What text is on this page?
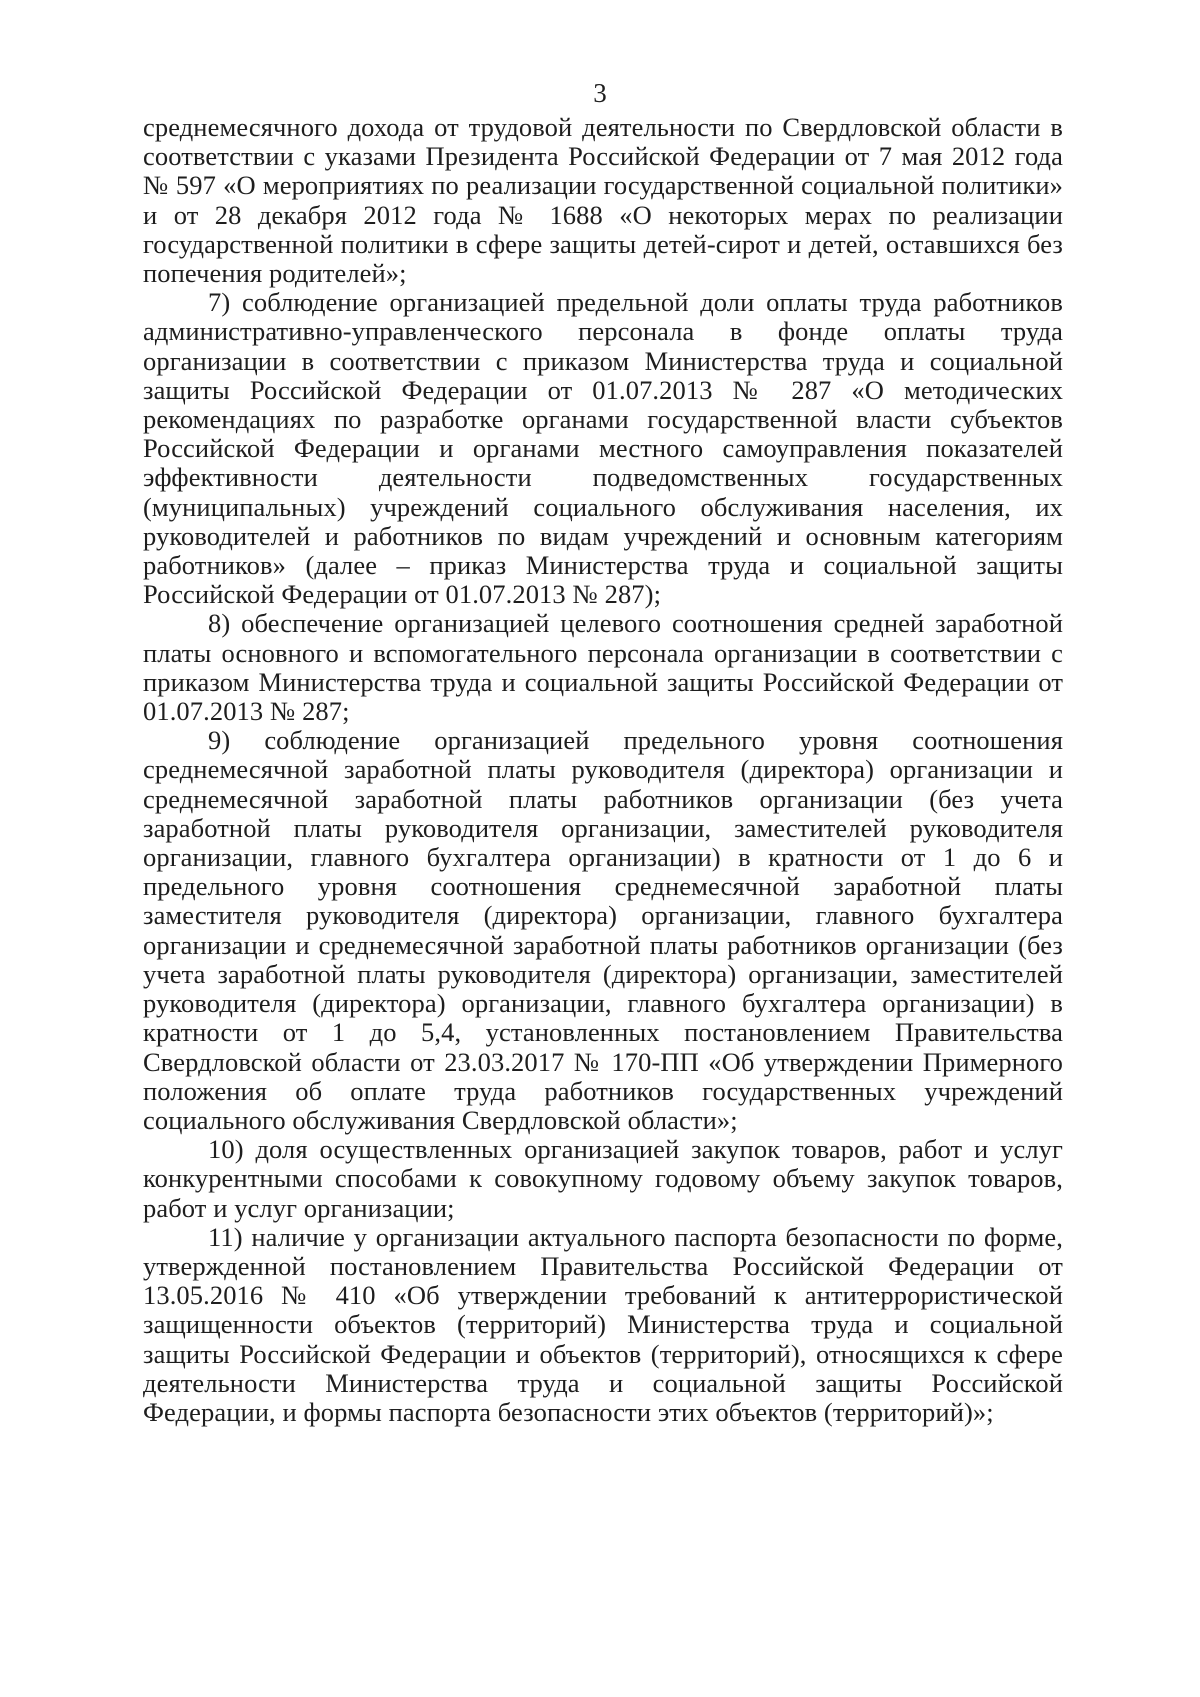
3

среднемесячного дохода от трудовой деятельности по Свердловской области в соответствии с указами Президента Российской Федерации от 7 мая 2012 года № 597 «О мероприятиях по реализации государственной социальной политики» и от 28 декабря 2012 года № 1688 «О некоторых мерах по реализации государственной политики в сфере защиты детей-сирот и детей, оставшихся без попечения родителей»;

7) соблюдение организацией предельной доли оплаты труда работников административно-управленческого персонала в фонде оплаты труда организации в соответствии с приказом Министерства труда и социальной защиты Российской Федерации от 01.07.2013 № 287 «О методических рекомендациях по разработке органами государственной власти субъектов Российской Федерации и органами местного самоуправления показателей эффективности деятельности подведомственных государственных (муниципальных) учреждений социального обслуживания населения, их руководителей и работников по видам учреждений и основным категориям работников» (далее – приказ Министерства труда и социальной защиты Российской Федерации от 01.07.2013 № 287);

8) обеспечение организацией целевого соотношения средней заработной платы основного и вспомогательного персонала организации в соответствии с приказом Министерства труда и социальной защиты Российской Федерации от 01.07.2013 № 287;

9) соблюдение организацией предельного уровня соотношения среднемесячной заработной платы руководителя (директора) организации и среднемесячной заработной платы работников организации (без учета заработной платы руководителя организации, заместителей руководителя организации, главного бухгалтера организации) в кратности от 1 до 6 и предельного уровня соотношения среднемесячной заработной платы заместителя руководителя (директора) организации, главного бухгалтера организации и среднемесячной заработной платы работников организации (без учета заработной платы руководителя (директора) организации, заместителей руководителя (директора) организации, главного бухгалтера организации) в кратности от 1 до 5,4, установленных постановлением Правительства Свердловской области от 23.03.2017 № 170-ПП «Об утверждении Примерного положения об оплате труда работников государственных учреждений социального обслуживания Свердловской области»;

10) доля осуществленных организацией закупок товаров, работ и услуг конкурентными способами к совокупному годовому объему закупок товаров, работ и услуг организации;

11) наличие у организации актуального паспорта безопасности по форме, утвержденной постановлением Правительства Российской Федерации от 13.05.2016 № 410 «Об утверждении требований к антитеррористической защищенности объектов (территорий) Министерства труда и социальной защиты Российской Федерации и объектов (территорий), относящихся к сфере деятельности Министерства труда и социальной защиты Российской Федерации, и формы паспорта безопасности этих объектов (территорий)»;
